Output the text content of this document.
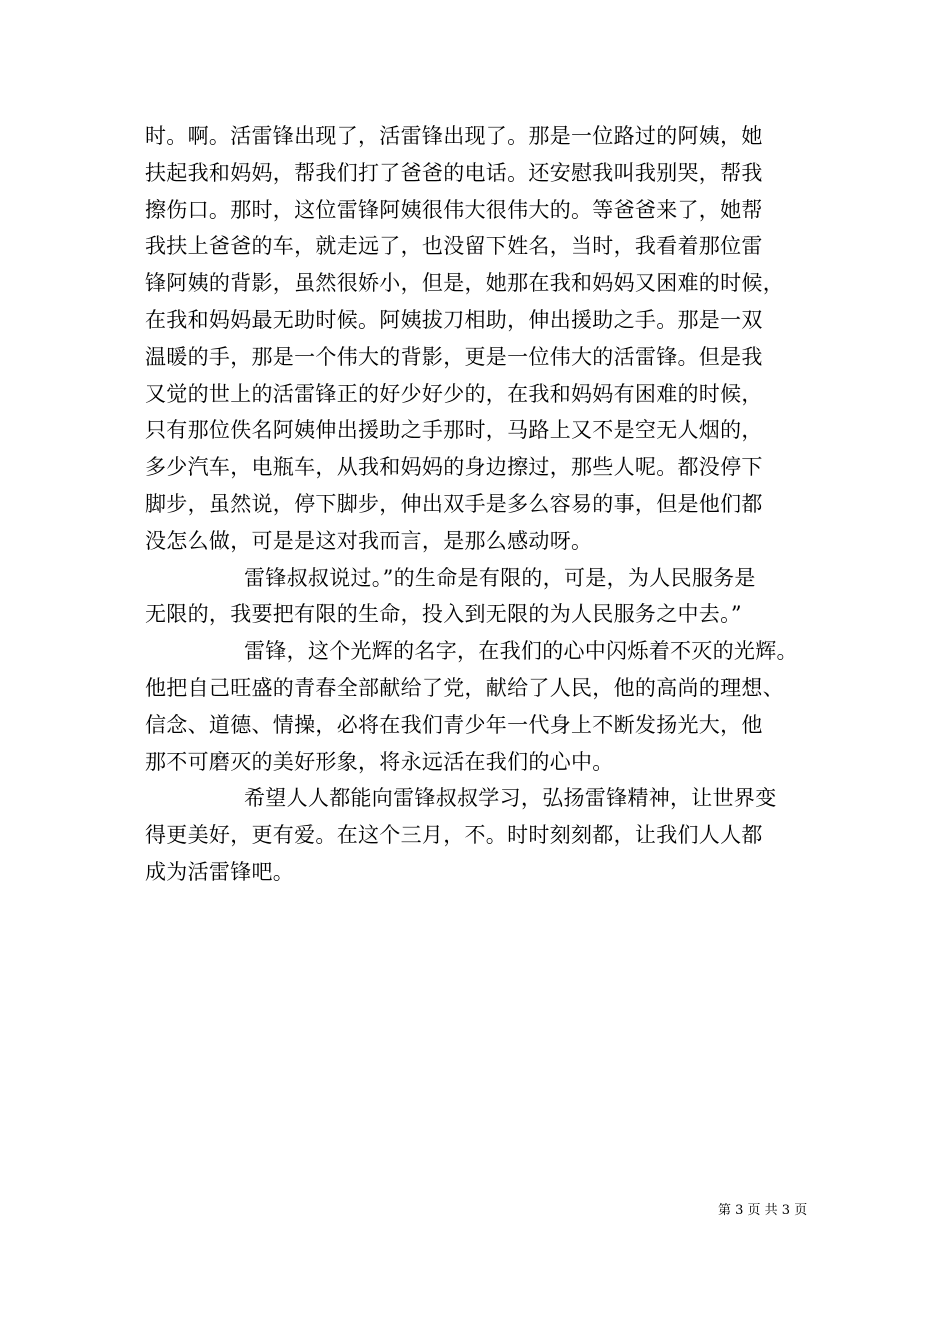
时。啊。活雷锋出现了，活雷锋出现了。那是一位路过的阿姨，她
扶起我和妈妈，帮我们打了爸爸的电话。还安慰我叫我别哭，帮我
擦伤口。那时，这位雷锋阿姨很伟大很伟大的。等爸爸来了，她帮
我扶上爸爸的车，就走远了，也没留下姓名，当时，我看着那位雷
锋阿姨的背影，虽然很娇小，但是，她那在我和妈妈又困难的时候，
在我和妈妈最无助时候。阿姨拔刀相助，伸出援助之手。那是一双
温暖的手，那是一个伟大的背影，更是一位伟大的活雷锋。但是我
又觉的世上的活雷锋正的好少好少的，在我和妈妈有困难的时候，
只有那位佚名阿姨伸出援助之手那时，马路上又不是空无人烟的，
多少汽车，电瓶车，从我和妈妈的身边擦过，那些人呢。都没停下
脚步，虽然说，停下脚步，伸出双手是多么容易的事，但是他们都
没怎么做，可是是这对我而言，是那么感动呀。
雷锋叔叔说过。”的生命是有限的，可是，为人民服务是
无限的，我要把有限的生命，投入到无限的为人民服务之中去。”
雷锋，这个光辉的名字，在我们的心中闪烁着不灭的光辉。
他把自己旺盛的青春全部献给了党，献给了人民，他的高尚的理想、
信念、道德、情操，必将在我们青少年一代身上不断发扬光大，他
那不可磨灭的美好形象，将永远活在我们的心中。
希望人人都能向雷锋叔叔学习，弘扬雷锋精神，让世界变
得更美好，更有爱。在这个三月，不。时时刻刻都，让我们人人都
成为活雷锋吧。
第 3 页 共 3 页
